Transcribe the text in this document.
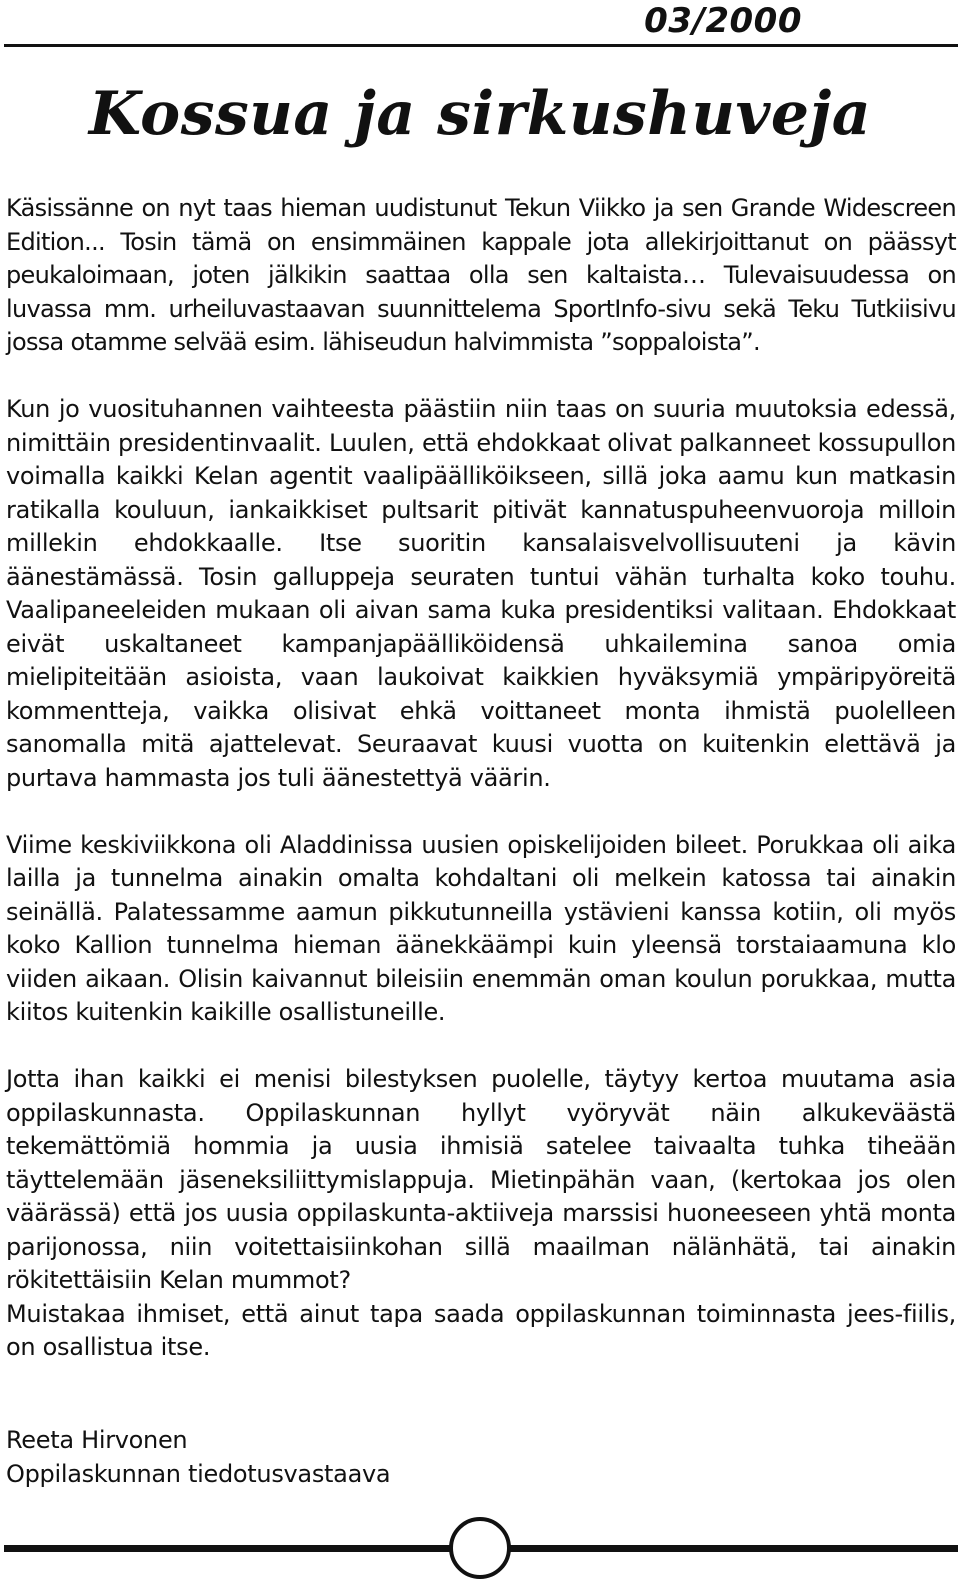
03/2000
Kossua ja sirkushuveja

Käsissänne on nyt taas hieman uudistunut Tekun Viikko ja sen Grande Widescreen Edition... Tosin tämä on ensimmäinen kappale jota allekirjoittanut on päässyt peukaloimaan, joten jälkikin saattaa olla sen kaltaista… Tulevaisuudessa on luvassa mm. urheiluvastaavan suunnittelema SportInfo-sivu sekä Teku Tutkiisivu jossa otamme selvää esim. lähiseudun halvimmista ”soppaloista”.

Kun jo vuosituhannen vaihteesta päästiin niin taas on suuria muutoksia edessä, nimittäin presidentinvaalit. Luulen, että ehdokkaat olivat palkanneet kossupullon voimalla kaikki Kelan agentit vaalipäälliköikseen, sillä joka aamu kun matkasin ratikalla kouluun, iankaikkiset pultsarit pitivät kannatuspuheenvuoroja milloin millekin ehdokkaalle. Itse suoritin kansalaisvelvollisuuteni ja kävin äänestämässä. Tosin galluppeja seuraten tuntui vähän turhalta koko touhu. Vaalipaneeleiden mukaan oli aivan sama kuka presidentiksi valitaan. Ehdokkaat eivät uskaltaneet kampanjapäälliköidensä uhkailemina sanoa omia mielipiteitään asioista, vaan laukoivat kaikkien hyväksymiä ympäripyöreitä kommentteja, vaikka olisivat ehkä voittaneet monta ihmistä puolelleen sanomalla mitä ajattelevat. Seuraavat kuusi vuotta on kuitenkin elettävä ja purtava hammasta jos tuli äänestettyä väärin.

Viime keskiviikkona oli Aladdinissa uusien opiskelijoiden bileet. Porukkaa oli aika lailla ja tunnelma ainakin omalta kohdaltani oli melkein katossa tai ainakin seinällä. Palatessamme aamun pikkutunneilla ystävieni kanssa kotiin, oli myös koko Kallion tunnelma hieman äänekkäämpi kuin yleensä torstaiaamuna klo viiden aikaan. Olisin kaivannut bileisiin enemmän oman koulun porukkaa, mutta kiitos kuitenkin kaikille osallistuneille.

Jotta ihan kaikki ei menisi bilestyksen puolelle, täytyy kertoa muutama asia oppilaskunnasta. Oppilaskunnan hyllyt vyöryvät näin alkukeväästä tekemättömiä hommia ja uusia ihmisiä satelee taivaalta tuhka tiheään täyttelemään jäseneksiliittymislappuja. Mietinpähän vaan, (kertokaa jos olen väärässä) että jos uusia oppilaskunta-aktiiveja marssisi huoneeseen yhtä monta parijonossa, niin voitettaisiinkohan sillä maailman nälänhätä, tai ainakin rökitettäisiin Kelan mummot?

Muistakaa ihmiset, että ainut tapa saada oppilaskunnan toiminnasta jees-fiilis, on osallistua itse.

Reeta Hirvonen
Oppilaskunnan tiedotusvastaava
